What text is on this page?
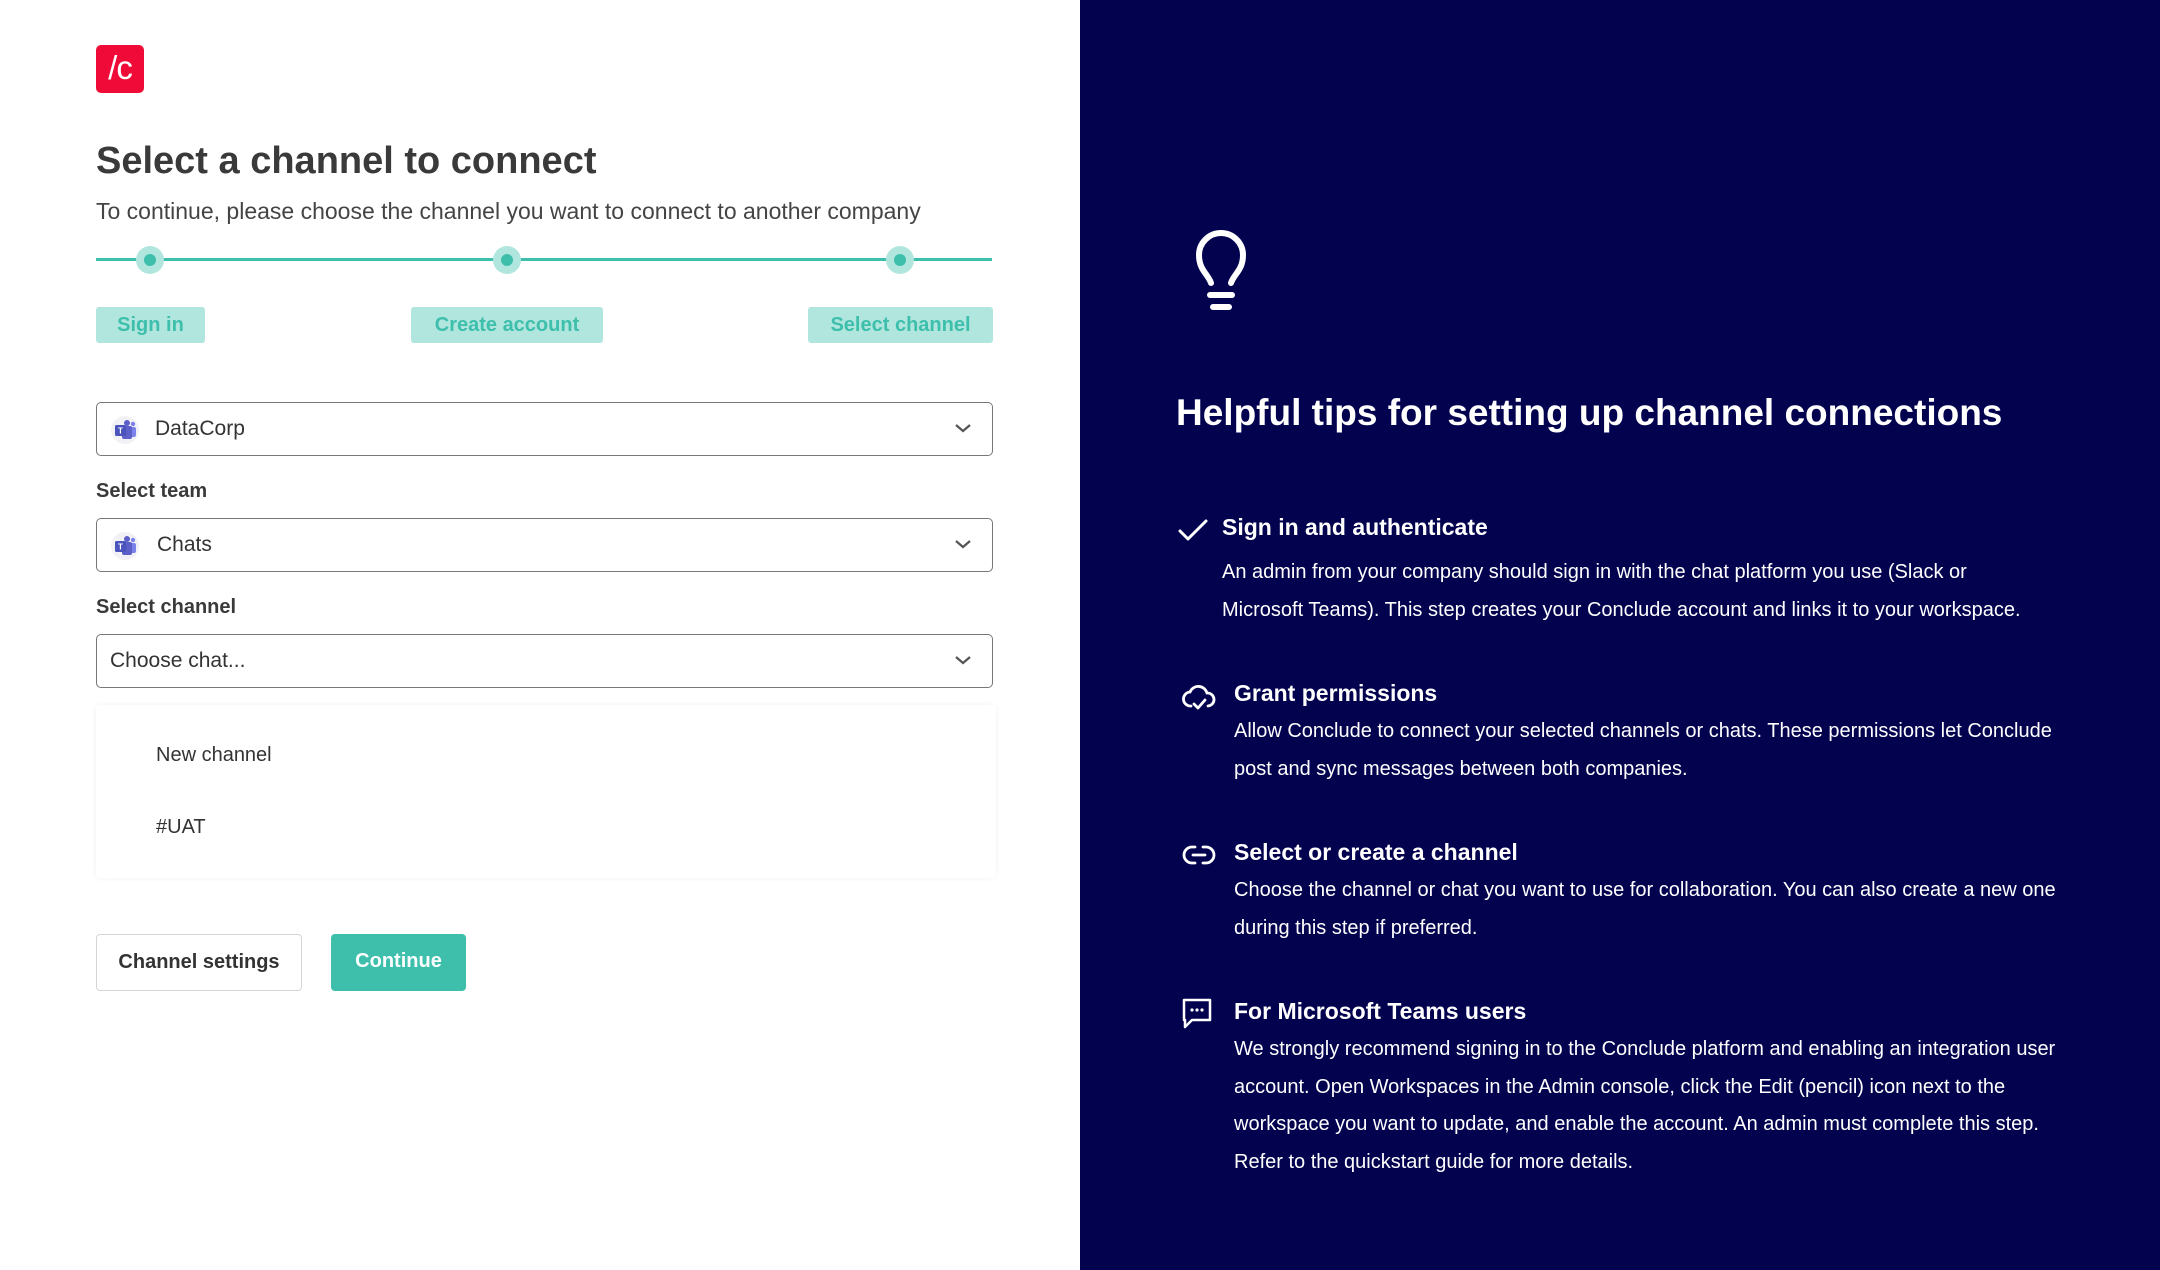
/c
Select a channel to connect
To continue, please choose the channel you want to connect to another company
Sign in	Create account	Select channel
T DataCorp
Select team
T Chats
Select channel
Choose chat...
New channel
#UAT
Channel settings	Continue
Helpful tips for setting up channel connections
Sign in and authenticate
An admin from your company should sign in with the chat platform you use (Slack or Microsoft Teams). This step creates your Conclude account and links it to your workspace.
Grant permissions
Allow Conclude to connect your selected channels or chats. These permissions let Conclude post and sync messages between both companies.
Select or create a channel
Choose the channel or chat you want to use for collaboration. You can also create a new one during this step if preferred.
For Microsoft Teams users
We strongly recommend signing in to the Conclude platform and enabling an integration user account. Open Workspaces in the Admin console, click the Edit (pencil) icon next to the workspace you want to update, and enable the account. An admin must complete this step. Refer to the quickstart guide for more details.
